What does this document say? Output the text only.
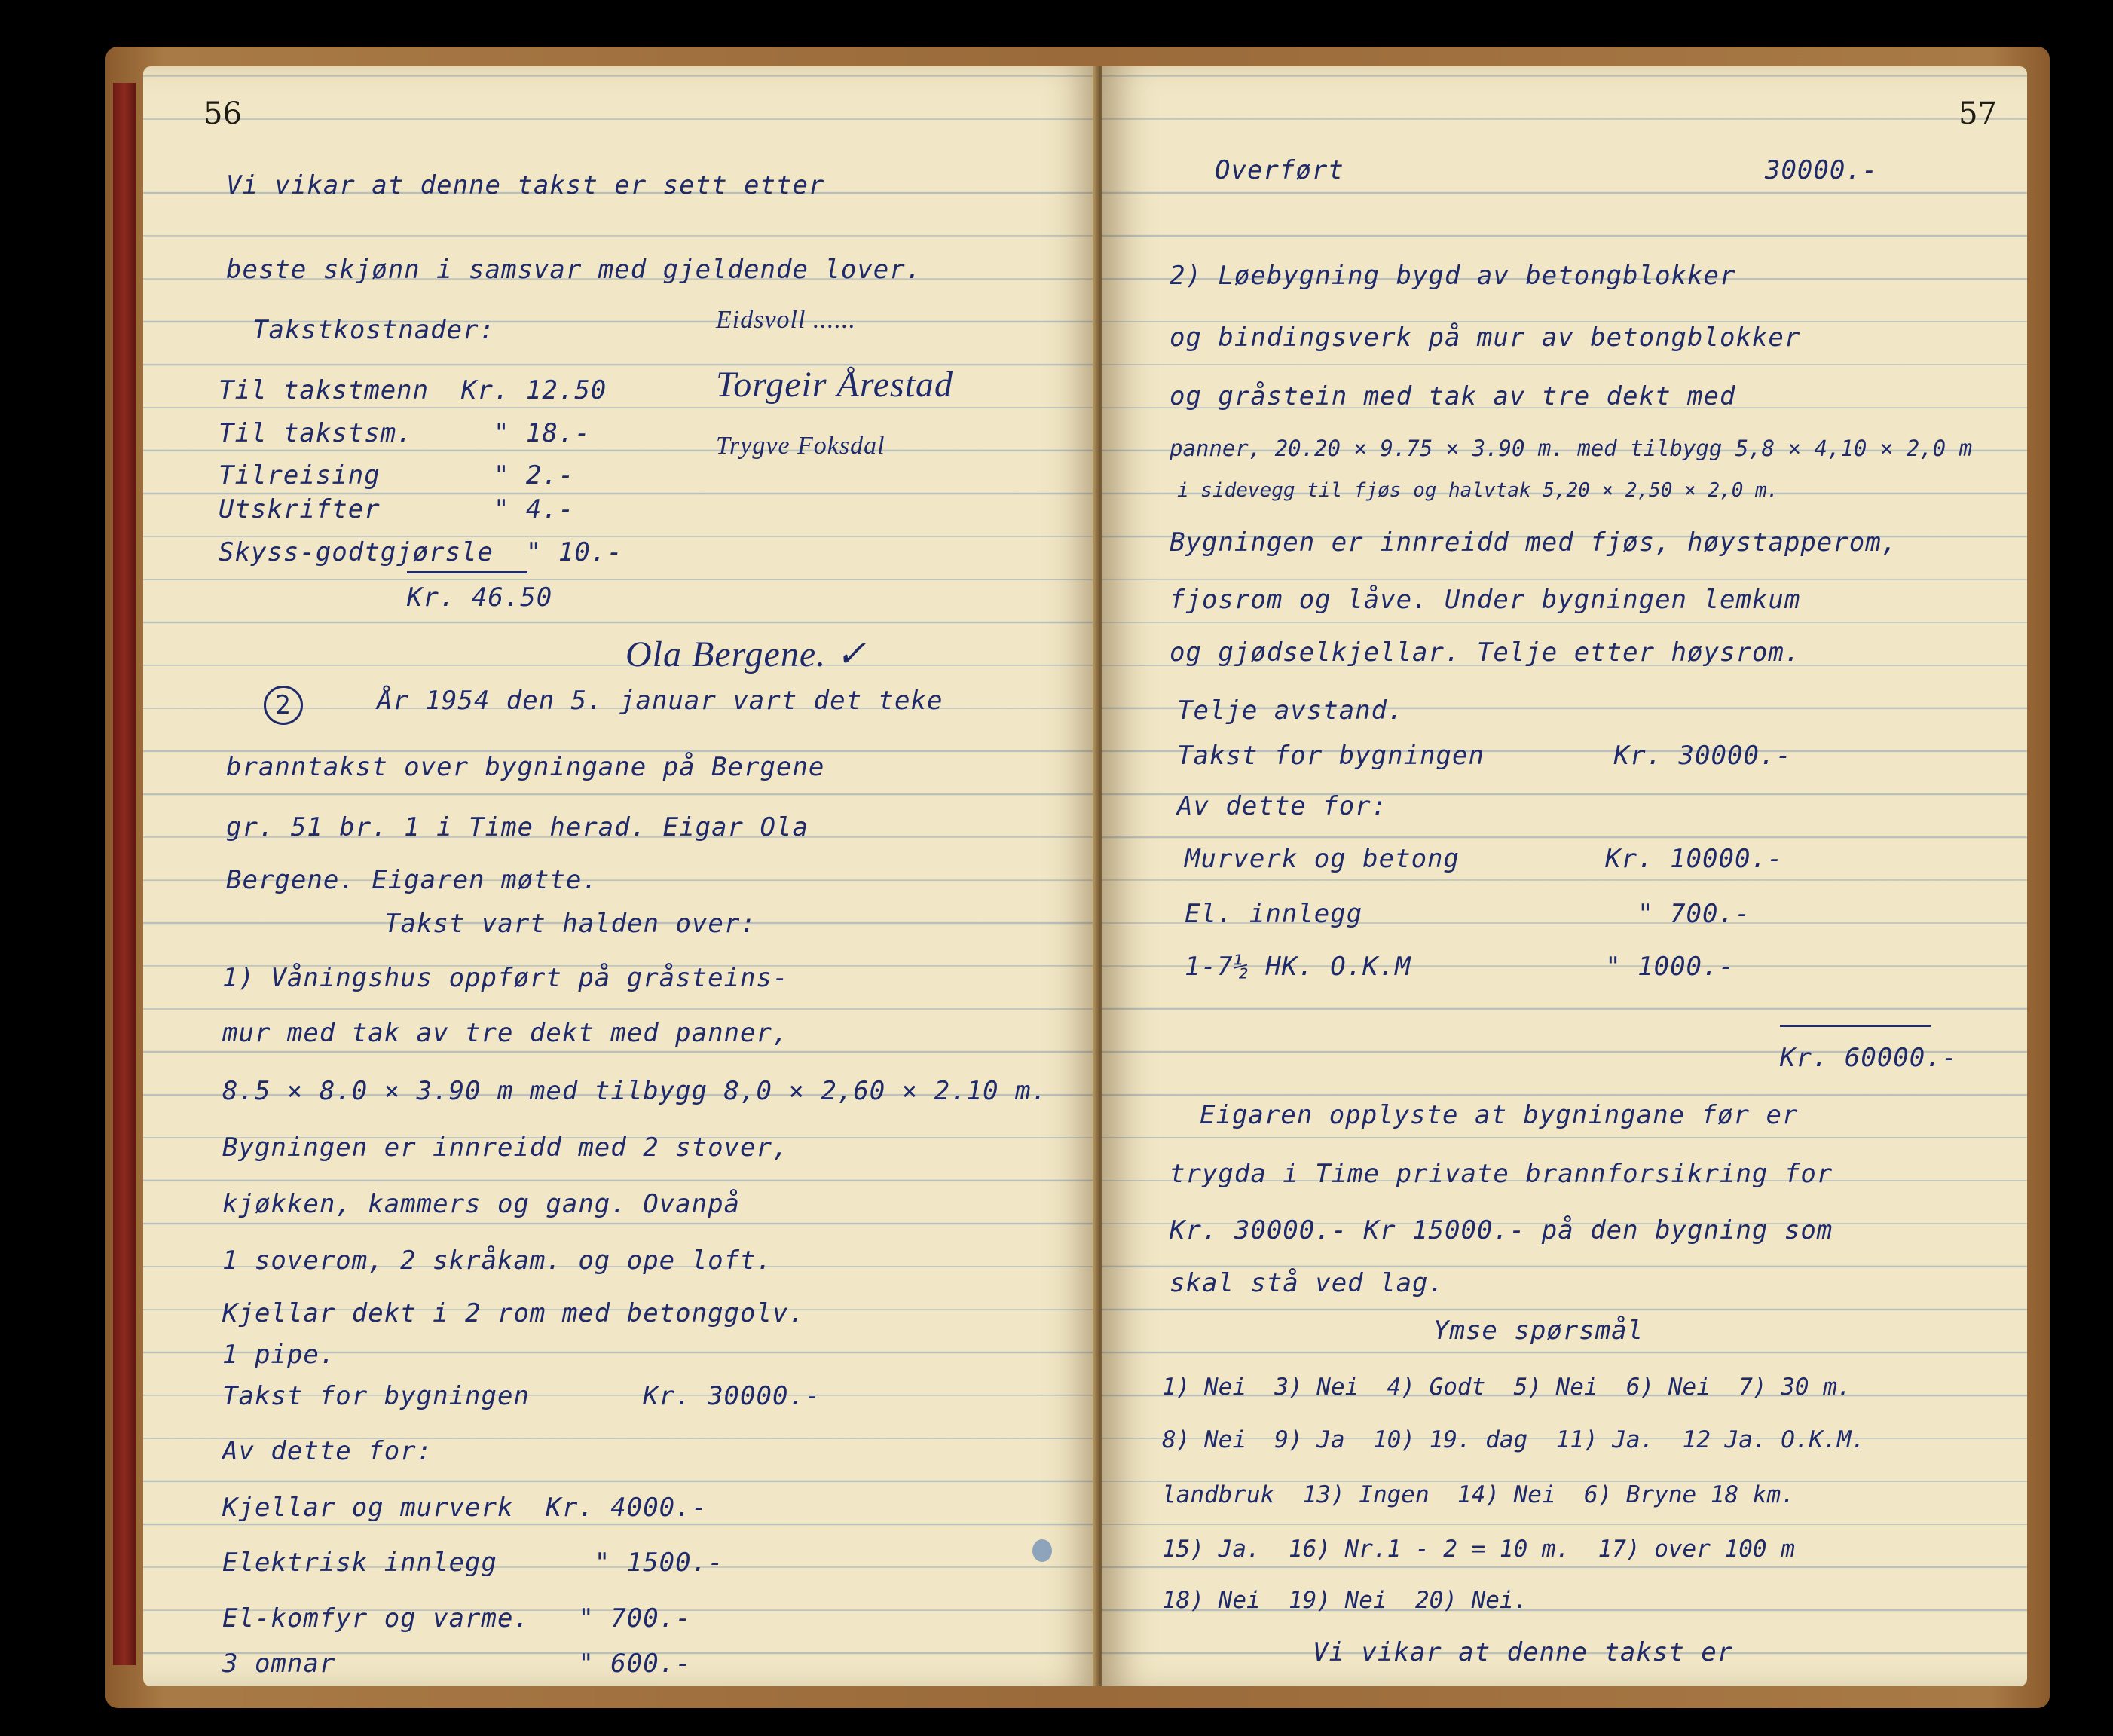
56
Vi vikar at denne takst er sett etter
beste skjønn i samsvar med gjeldende lover.
Takstkostnader:	Eidsvoll ......
Torgeir Årestad
Trygve Foksdal
Til takstmenn  Kr. 12.50
Til takstsm.     " 18.-
Tilreising       " 2.-
Utskrifter       " 4.-
Skyss-godtgjørsle  " 10.-
Kr. 46.50
Ola Bergene. ✓
2	År 1954 den 5. januar vart det teke
branntakst over bygningane på Bergene
gr. 51 br. 1 i Time herad. Eigar Ola
Bergene. Eigaren møtte.
Takst vart halden over:
1) Våningshus oppført på gråsteins-
mur med tak av tre dekt med panner,
8.5 × 8.0 × 3.90 m med tilbygg 8,0 × 2,60 × 2.10 m.
Bygningen er innreidd med 2 stover,
kjøkken, kammers og gang. Ovanpå
1 soverom, 2 skråkam. og ope loft.
Kjellar dekt i 2 rom med betonggolv.
1 pipe.
Takst for bygningen       Kr. 30000.-
Av dette for:
Kjellar og murverk  Kr. 4000.-
Elektrisk innlegg      " 1500.-
El-komfyr og varme.   " 700.-
3 omnar               " 600.-
57
Overført                          30000.-
2) Løebygning bygd av betongblokker
og bindingsverk på mur av betongblokker
og gråstein med tak av tre dekt med
panner, 20.20 × 9.75 × 3.90 m. med tilbygg 5,8 × 4,10 × 2,0 m
i sidevegg til fjøs og halvtak 5,20 × 2,50 × 2,0 m.
Bygningen er innreidd med fjøs, høystapperom,
fjosrom og låve. Under bygningen lemkum
og gjødselkjellar. Telje etter høysrom.
Telje avstand.
Takst for bygningen        Kr. 30000.-
Av dette for:
Murverk og betong         Kr. 10000.-
El. innlegg                 " 700.-
1-7½ HK. O.K.M            " 1000.-
Kr. 60000.-
Eigaren opplyste at bygningane før er
trygda i Time private brannforsikring for
Kr. 30000.- Kr 15000.- på den bygning som
skal stå ved lag.
Ymse spørsmål
1) Nei  3) Nei  4) Godt  5) Nei  6) Nei  7) 30 m.
8) Nei  9) Ja  10) 19. dag  11) Ja.  12 Ja. O.K.M.
landbruk  13) Ingen  14) Nei  6) Bryne 18 km.
15) Ja.  16) Nr.1 - 2 = 10 m.  17) over 100 m
18) Nei  19) Nei  20) Nei.
Vi vikar at denne takst er
